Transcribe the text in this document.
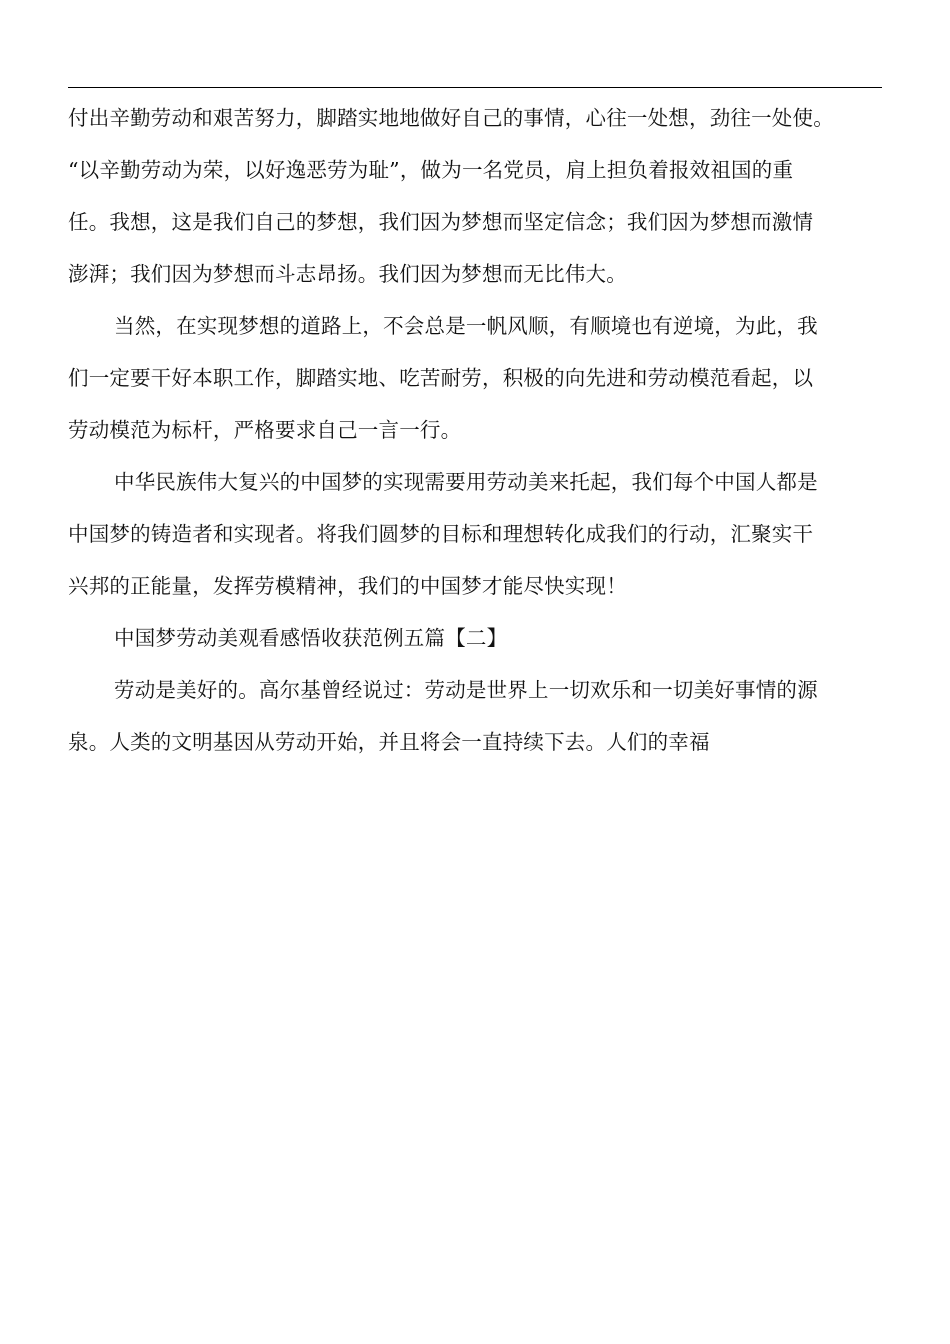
付出辛勤劳动和艰苦努力，脚踏实地地做好自己的事情，心往一处想，劲往一处使。
“以辛勤劳动为荣，以好逸恶劳为耻”，做为一名党员，肩上担负着报效祖国的重
任。我想，这是我们自己的梦想，我们因为梦想而坚定信念；我们因为梦想而激情
澎湃；我们因为梦想而斗志昂扬。我们因为梦想而无比伟大。
当然，在实现梦想的道路上，不会总是一帆风顺，有顺境也有逆境，为此，我
们一定要干好本职工作，脚踏实地、吃苦耐劳，积极的向先进和劳动模范看起，以
劳动模范为标杆，严格要求自己一言一行。
中华民族伟大复兴的中国梦的实现需要用劳动美来托起，我们每个中国人都是
中国梦的铸造者和实现者。将我们圆梦的目标和理想转化成我们的行动，汇聚实干
兴邦的正能量，发挥劳模精神，我们的中国梦才能尽快实现！
中国梦劳动美观看感悟收获范例五篇【二】
劳动是美好的。高尔基曾经说过：劳动是世界上一切欢乐和一切美好事情的源
泉。人类的文明基因从劳动开始，并且将会一直持续下去。人们的幸福
